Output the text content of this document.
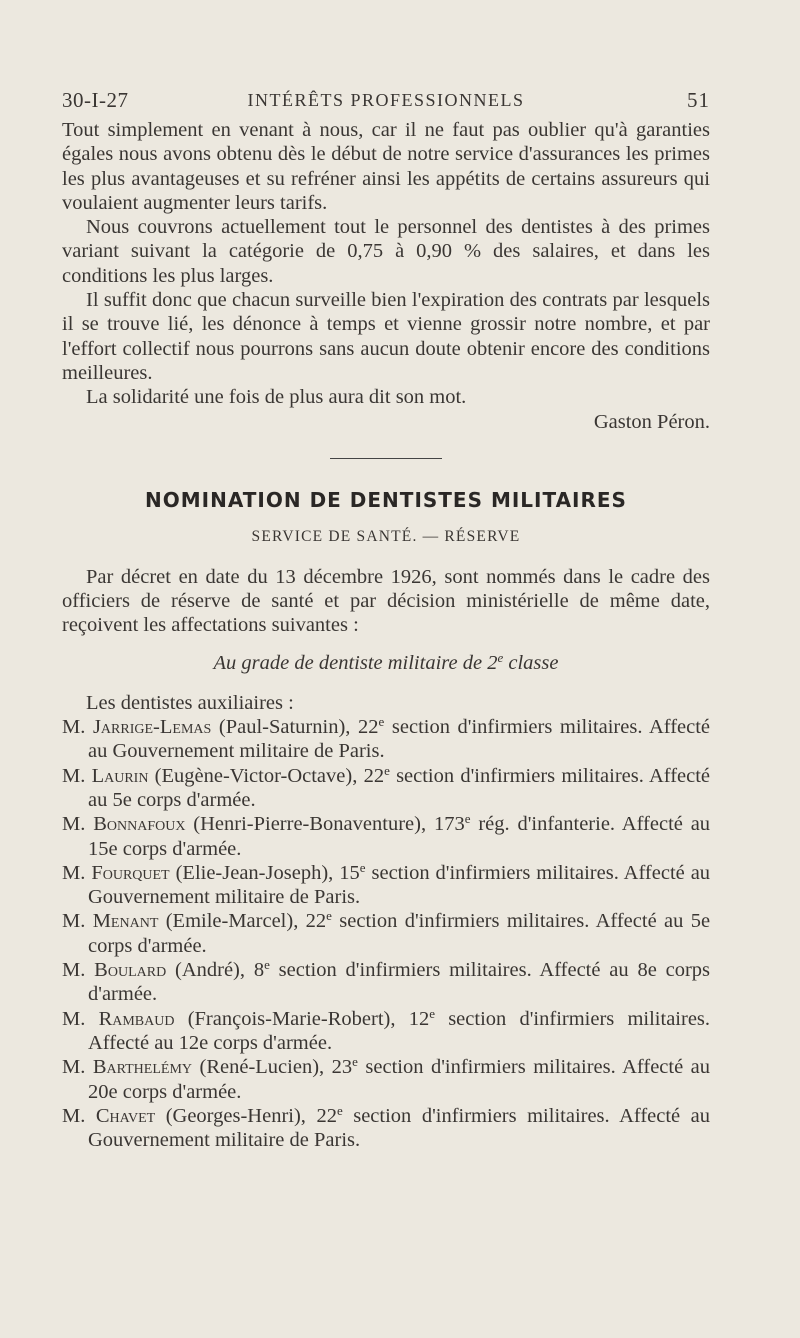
30-I-27	INTÉRÊTS PROFESSIONNELS	51

Tout simplement en venant à nous, car il ne faut pas oublier qu'à garanties égales nous avons obtenu dès le début de notre service d'assurances les primes les plus avantageuses et su refréner ainsi les appétits de certains assureurs qui voulaient augmenter leurs tarifs.

Nous couvrons actuellement tout le personnel des dentistes à des primes variant suivant la catégorie de 0,75 à 0,90 % des salaires, et dans les conditions les plus larges.

Il suffit donc que chacun surveille bien l'expiration des contrats par lesquels il se trouve lié, les dénonce à temps et vienne grossir notre nombre, et par l'effort collectif nous pourrons sans aucun doute obtenir encore des conditions meilleures.

La solidarité une fois de plus aura dit son mot.

Gaston Péron.

NOMINATION DE DENTISTES MILITAIRES
SERVICE DE SANTÉ. — RÉSERVE

Par décret en date du 13 décembre 1926, sont nommés dans le cadre des officiers de réserve de santé et par décision ministérielle de même date, reçoivent les affectations suivantes :

Au grade de dentiste militaire de 2e classe

Les dentistes auxiliaires :

M. Jarrige-Lemas (Paul-Saturnin), 22e section d'infirmiers militaires. Affecté au Gouvernement militaire de Paris.

M. Laurin (Eugène-Victor-Octave), 22e section d'infirmiers militaires. Affecté au 5e corps d'armée.

M. Bonnafoux (Henri-Pierre-Bonaventure), 173e rég. d'infanterie. Affecté au 15e corps d'armée.

M. Fourquet (Elie-Jean-Joseph), 15e section d'infirmiers militaires. Affecté au Gouvernement militaire de Paris.

M. Menant (Emile-Marcel), 22e section d'infirmiers militaires. Affecté au 5e corps d'armée.

M. Boulard (André), 8e section d'infirmiers militaires. Affecté au 8e corps d'armée.

M. Rambaud (François-Marie-Robert), 12e section d'infirmiers militaires. Affecté au 12e corps d'armée.

M. Barthelémy (René-Lucien), 23e section d'infirmiers militaires. Affecté au 20e corps d'armée.

M. Chavet (Georges-Henri), 22e section d'infirmiers militaires. Affecté au Gouvernement militaire de Paris.
